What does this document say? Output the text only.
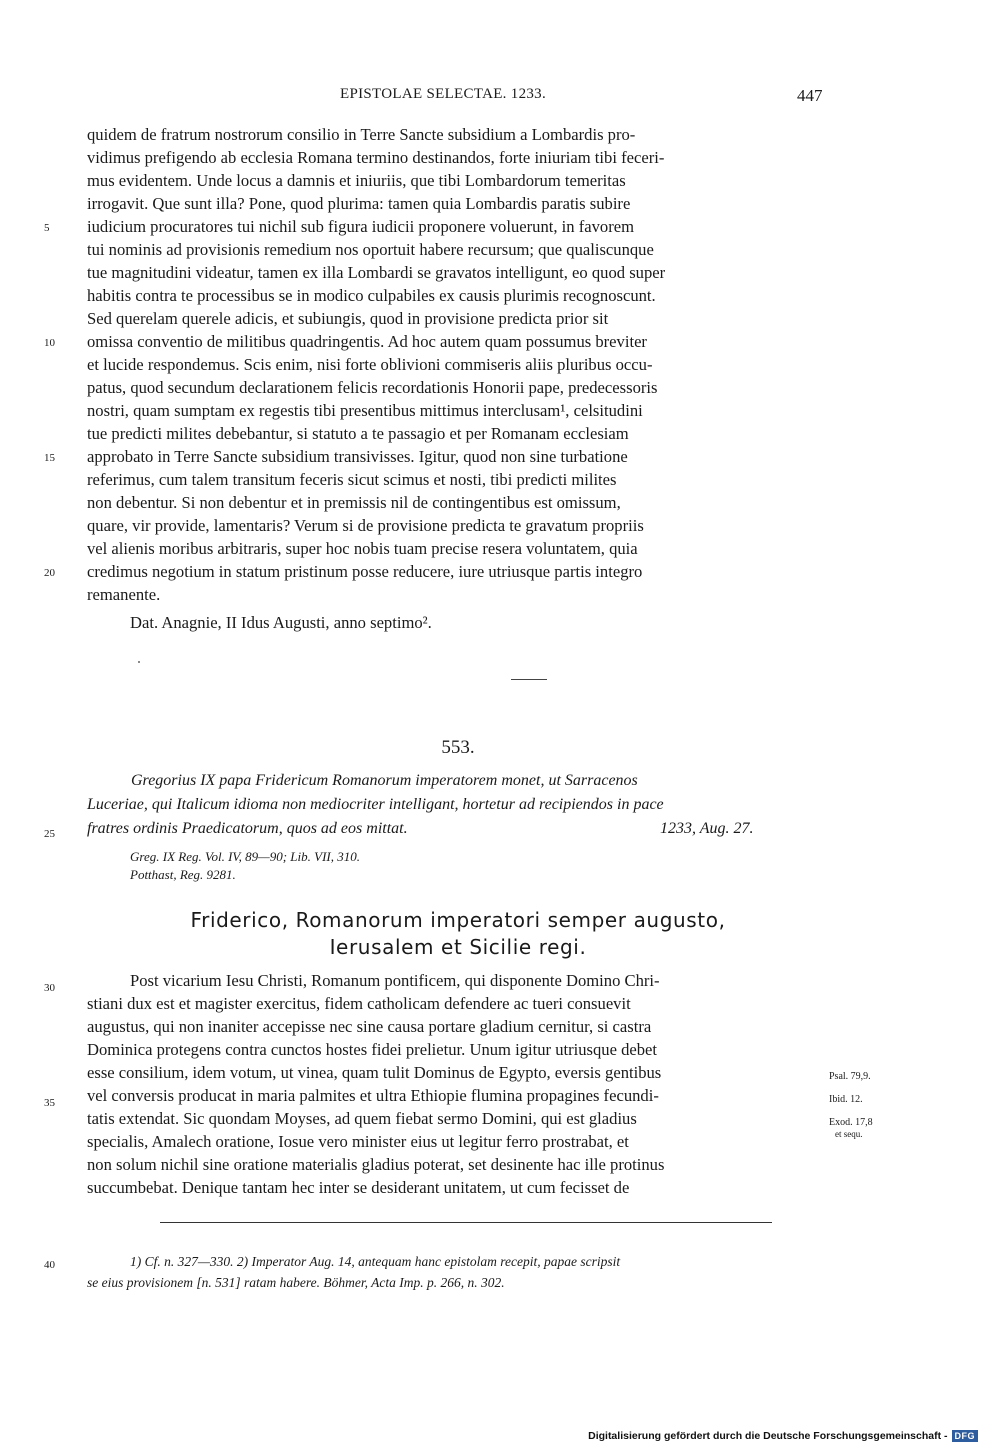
EPISTOLAE SELECTAE. 1233.	447
quidem de fratrum nostrorum consilio in Terre Sancte subsidium a Lombardis pro-
vidimus prefigendo ab ecclesia Romana termino destinandos, forte iniuriam tibi feceri-
mus evidentem. Unde locus a damnis et iniuriis, que tibi Lombardorum temeritas
irrogavit. Que sunt illa? Pone, quod plurima: tamen quia Lombardis paratis subire
iudicium procuratores tui nichil sub figura iudicii proponere voluerunt, in favorem
tui nominis ad provisionis remedium nos oportuit habere recursum; que qualiscunque
tue magnitudini videatur, tamen ex illa Lombardi se gravatos intelligunt, eo quod super
habitis contra te processibus se in modico culpabiles ex causis plurimis recognoscunt.
Sed querelam querele adicis, et subiungis, quod in provisione predicta prior sit
omissa conventio de militibus quadringentis. Ad hoc autem quam possumus breviter
et lucide respondemus. Scis enim, nisi forte oblivioni commiseris aliis pluribus occu-
patus, quod secundum declarationem felicis recordationis Honorii pape, predecessoris
nostri, quam sumptam ex regestis tibi presentibus mittimus interclusam¹, celsitudini
tue predicti milites debebantur, si statuto a te passagio et per Romanam ecclesiam
approbato in Terre Sancte subsidium transivisses. Igitur, quod non sine turbatione
referimus, cum talem transitum feceris sicut scimus et nosti, tibi predicti milites
non debentur. Si non debentur et in premissis nil de contingentibus est omissum,
quare, vir provide, lamentaris? Verum si de provisione predicta te gravatum propriis
vel alienis moribus arbitraris, super hoc nobis tuam precise resera voluntatem, quia
credimus negotium in statum pristinum posse reducere, iure utriusque partis integro
remanente.
Dat. Anagnie, II Idus Augusti, anno septimo².
5
10
15
20
553.
Gregorius IX papa Fridericum Romanorum imperatorem monet, ut Sarracenos
Luceriae, qui Italicum idioma non mediocriter intelligant, hortetur ad recipiendos in pace
fratres ordinis Praedicatorum, quos ad eos mittat.	1233, Aug. 27.
25
Greg. IX Reg. Vol. IV, 89—90; Lib. VII, 310.
Potthast, Reg. 9281.
Friderico, Romanorum imperatori semper augusto,
Ierusalem et Sicilie regi.
Post vicarium Iesu Christi, Romanum pontificem, qui disponente Domino Chri-
stiani dux est et magister exercitus, fidem catholicam defendere ac tueri consuevit
augustus, qui non inaniter accepisse nec sine causa portare gladium cernitur, si castra
Dominica protegens contra cunctos hostes fidei prelietur. Unum igitur utriusque debet
esse consilium, idem votum, ut vinea, quam tulit Dominus de Egypto, eversis gentibus
vel conversis producat in maria palmites et ultra Ethiopie flumina propagines fecundi-
tatis extendat. Sic quondam Moyses, ad quem fiebat sermo Domini, qui est gladius
specialis, Amalech oratione, Iosue vero minister eius ut legitur ferro prostrabat, et
non solum nichil sine oratione materialis gladius poterat, set desinente hac ille protinus
succumbebat. Denique tantam hec inter se desiderant unitatem, ut cum fecisset de
30
35
Psal. 79,9.
Ibid. 12.
Exod. 17,8
et sequ.
40	1) Cf. n. 327—330. 2) Imperator Aug. 14, antequam hanc epistolam recepit, papae scripsit
se eius provisionem [n. 531] ratam habere. Böhmer, Acta Imp. p. 266, n. 302.
Digitalisierung gefördert durch die Deutsche Forschungsgemeinschaft - DFG
